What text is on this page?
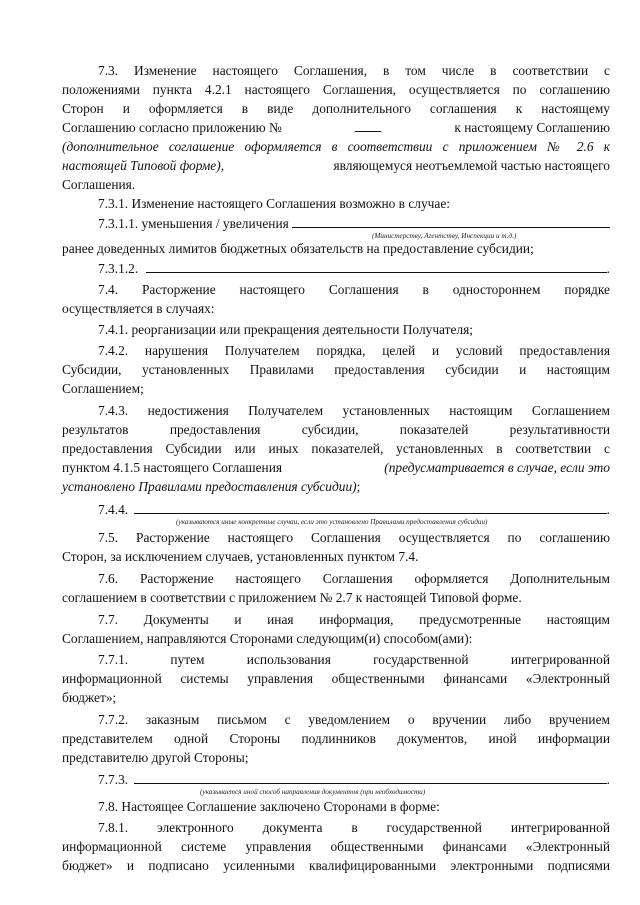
7.3. Изменение настоящего Соглашения, в том числе в соответствии с
положениями пункта 4.2.1 настоящего Соглашения, осуществляется по соглашению
Сторон и оформляется в виде дополнительного соглашения к настоящему
Соглашению согласно приложению №	к настоящему Соглашению
(дополнительное соглашение оформляется в соответствии с приложением № 2.6 к
настоящей Типовой форме),	являющемуся неотъемлемой частью настоящего
Соглашения.
7.3.1. Изменение настоящего Соглашения возможно в случае:
7.3.1.1. уменьшения / увеличения
(Министерству, Агентству, Инспекции и т.д.)
ранее доведенных лимитов бюджетных обязательств на предоставление субсидии;
7.3.1.2.	.
7.4. Расторжение настоящего Соглашения в одностороннем порядке
осуществляется в случаях:
7.4.1. реорганизации или прекращения деятельности Получателя;
7.4.2. нарушения Получателем порядка, целей и условий предоставления
Субсидии, установленных Правилами предоставления субсидии и настоящим
Соглашением;
7.4.3. недостижения Получателем установленных настоящим Соглашением
результатов предоставления субсидии, показателей результативности
предоставления Субсидии или иных показателей, установленных в соответствии с
пунктом 4.1.5 настоящего Соглашения	(предусматривается в случае, если это
установлено Правилами предоставления субсидии);
7.4.4.	.
(указываются иные конкретные случаи, если это установлено Правилами предоставления субсидии)
7.5. Расторжение настоящего Соглашения осуществляется по соглашению
Сторон, за исключением случаев, установленных пунктом 7.4.
7.6. Расторжение настоящего Соглашения оформляется Дополнительным
соглашением в соответствии с приложением № 2.7 к настоящей Типовой форме.
7.7. Документы и иная информация, предусмотренные настоящим
Соглашением, направляются Сторонами следующим(и) способом(ами):
7.7.1. путем использования государственной интегрированной
информационной системы управления общественными финансами «Электронный
бюджет»;
7.7.2. заказным письмом с уведомлением о вручении либо вручением
представителем одной Стороны подлинников документов, иной информации
представителю другой Стороны;
7.7.3.	.
(указывается иной способ направления документов (при необходимости)
7.8. Настоящее Соглашение заключено Сторонами в форме:
7.8.1. электронного документа в государственной интегрированной
информационной системе управления общественными финансами «Электронный
бюджет» и подписано усиленными квалифицированными электронными подписями
